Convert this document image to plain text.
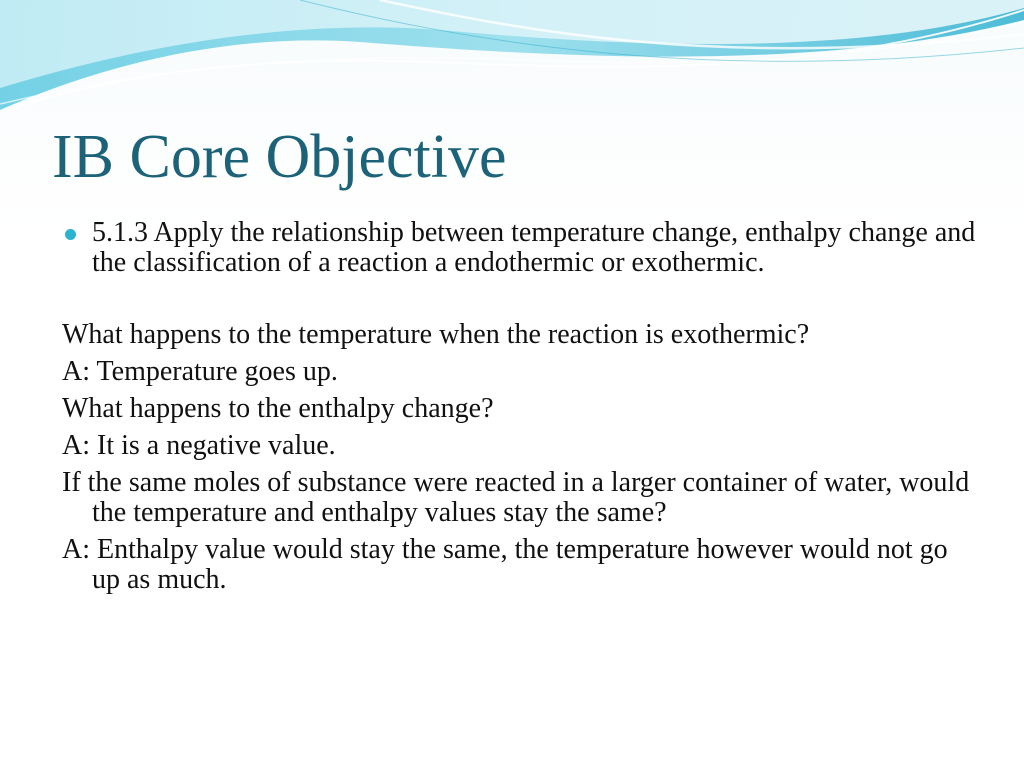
IB Core Objective
5.1.3 Apply the relationship between temperature change, enthalpy change and the classification of a reaction a endothermic or exothermic.
What happens to the temperature when the reaction is exothermic?
A: Temperature goes up.
What happens to the enthalpy change?
A: It is a negative value.
If the same moles of substance were reacted in a larger container of water, would the temperature and enthalpy values stay the same?
A: Enthalpy value would stay the same, the temperature however would not go up as much.
